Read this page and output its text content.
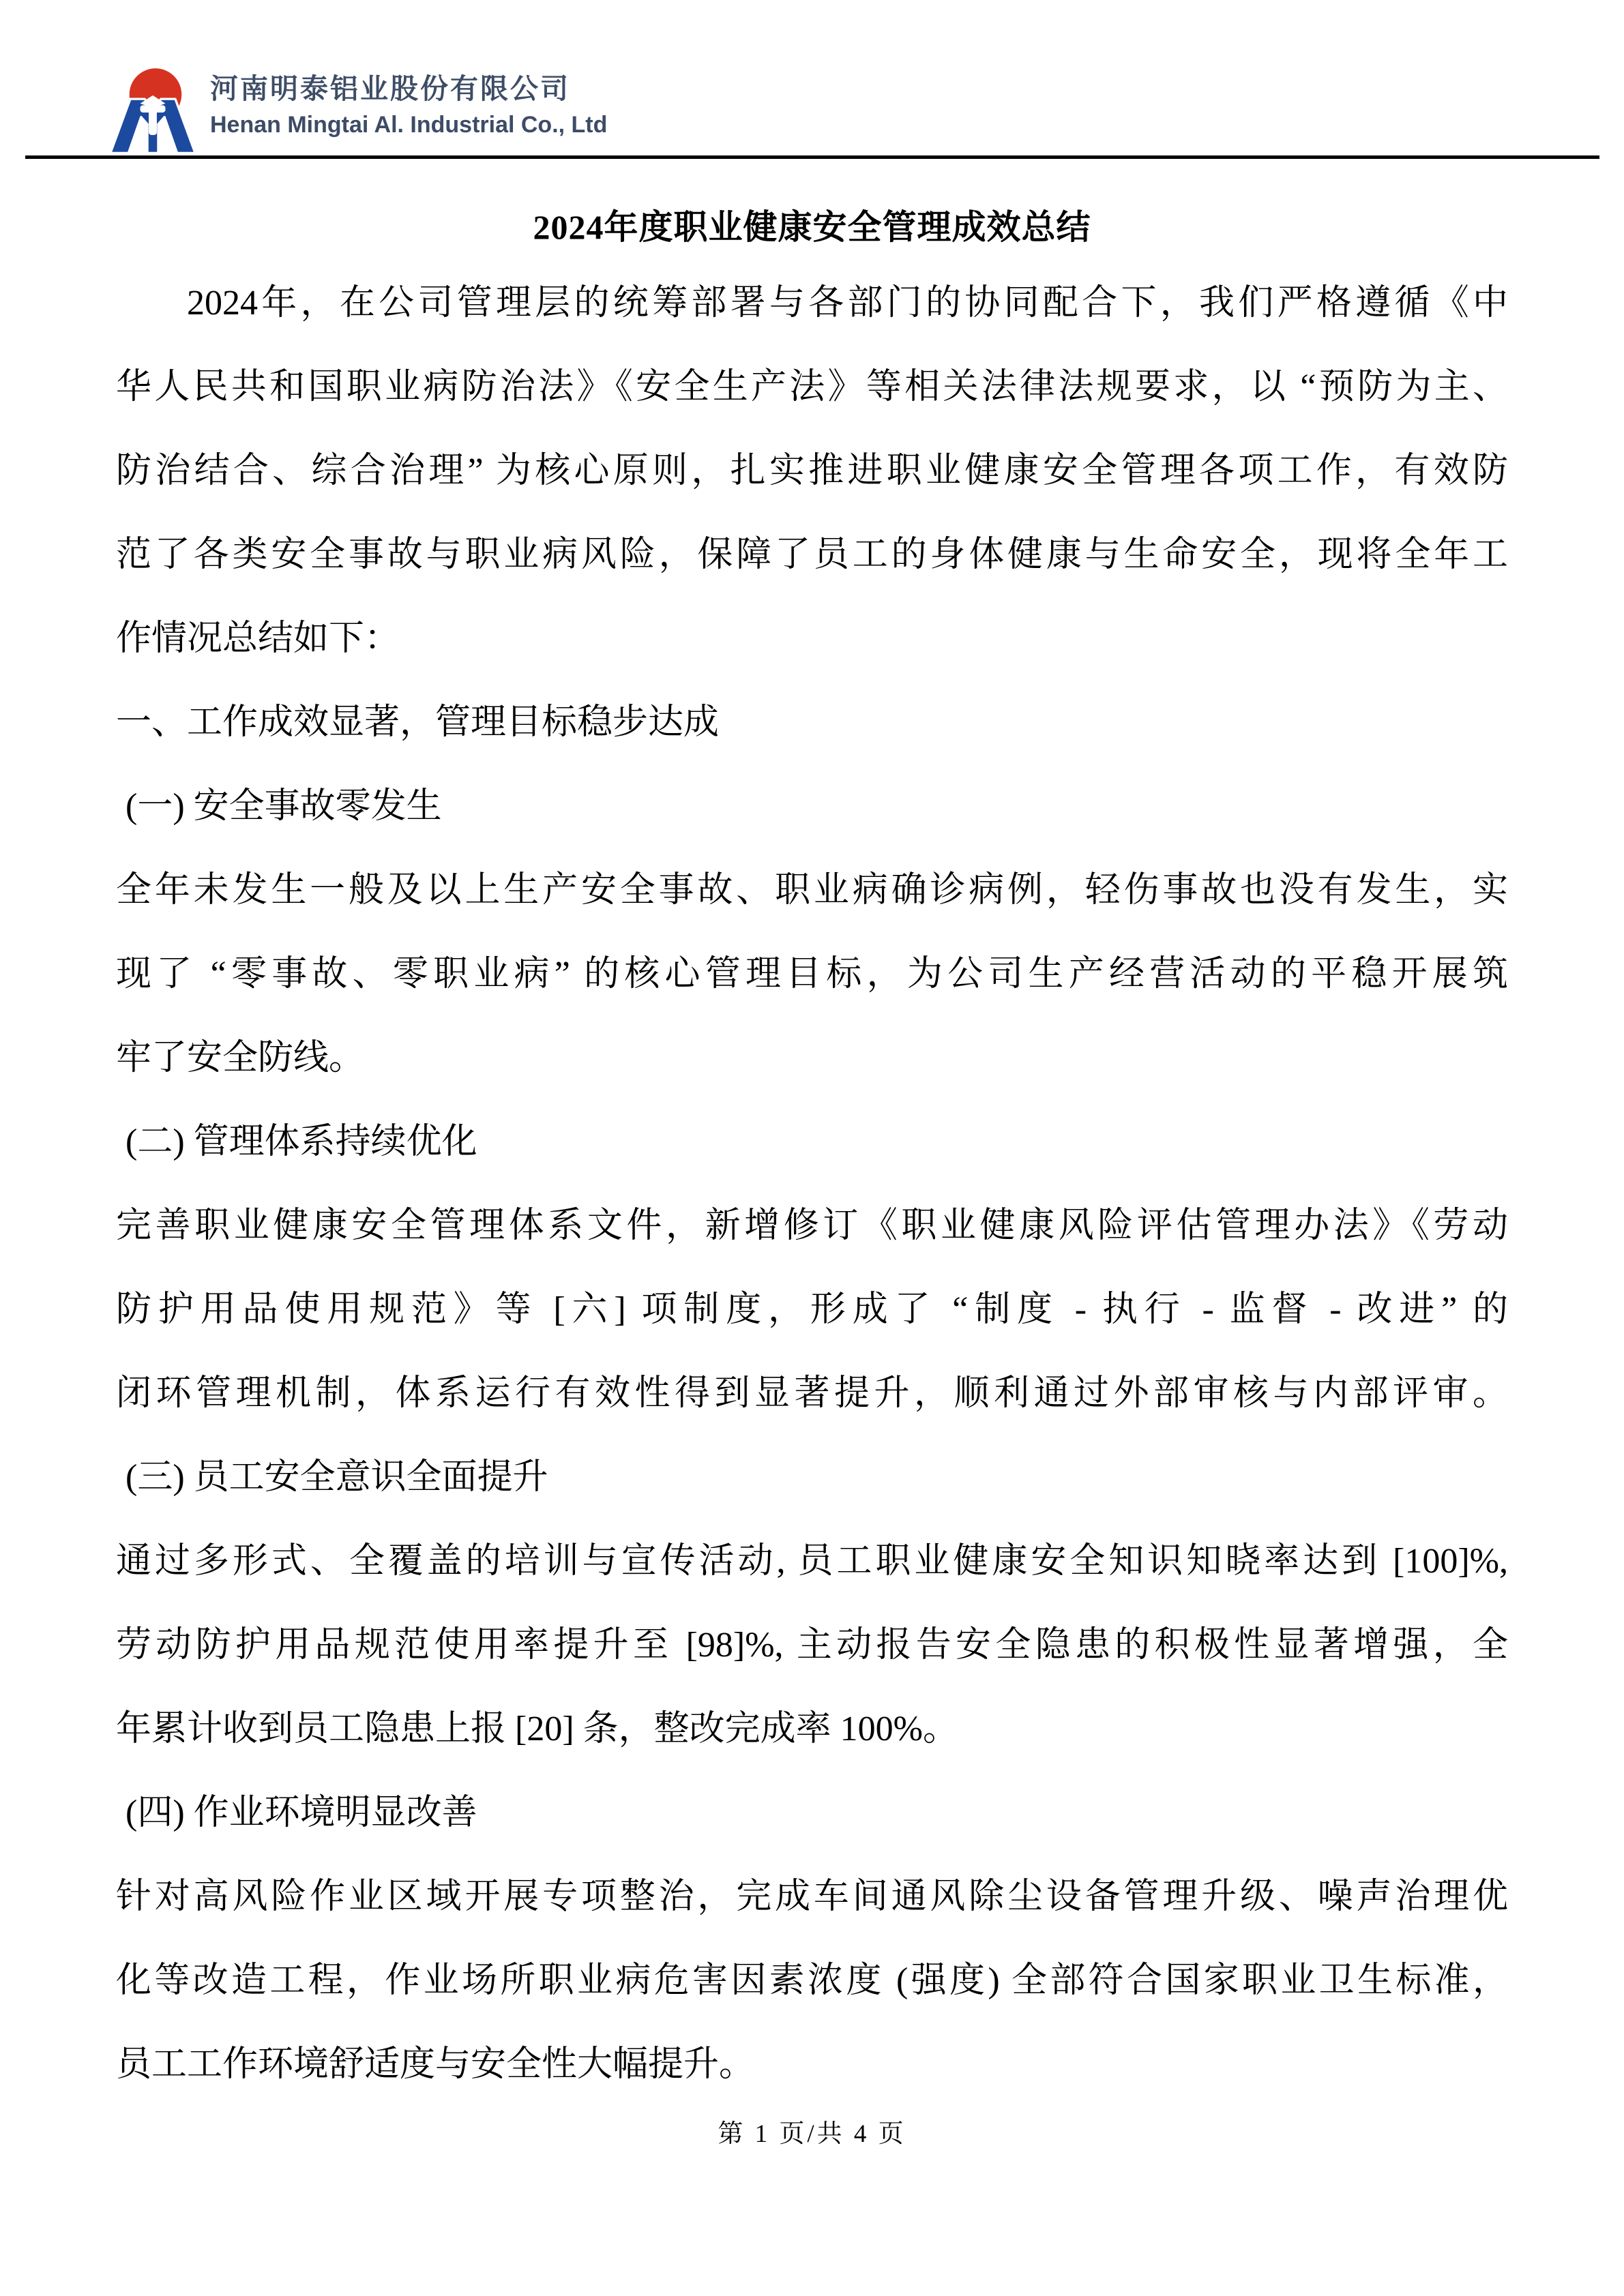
河南明泰铝业股份有限公司
Henan Mingtai Al. Industrial Co., Ltd
2024年度职业健康安全管理成效总结
2024年，在公司管理层的统筹部署与各部门的协同配合下，我们严格遵循《中
华人民共和国职业病防治法》《安全生产法》等相关法律法规要求，以 “预防为主、
防治结合、综合治理” 为核心原则，扎实推进职业健康安全管理各项工作，有效防
范了各类安全事故与职业病风险，保障了员工的身体健康与生命安全，现将全年工
作情况总结如下：
一、工作成效显著，管理目标稳步达成
(一) 安全事故零发生
全年未发生一般及以上生产安全事故、职业病确诊病例，轻伤事故也没有发生，实
现了 “零事故、零职业病” 的核心管理目标，为公司生产经营活动的平稳开展筑
牢了安全防线。
(二) 管理体系持续优化
完善职业健康安全管理体系文件，新增修订《职业健康风险评估管理办法》《劳动
防护用品使用规范》等 [六] 项制度，形成了 “制度 - 执行 - 监督 - 改进” 的
闭环管理机制，体系运行有效性得到显著提升，顺利通过外部审核与内部评审。
(三) 员工安全意识全面提升
通过多形式、全覆盖的培训与宣传活动, 员工职业健康安全知识知晓率达到 [100]%,
劳动防护用品规范使用率提升至 [98]%, 主动报告安全隐患的积极性显著增强，全
年累计收到员工隐患上报 [20] 条，整改完成率 100%。
(四) 作业环境明显改善
针对高风险作业区域开展专项整治，完成车间通风除尘设备管理升级、噪声治理优
化等改造工程，作业场所职业病危害因素浓度 (强度) 全部符合国家职业卫生标准，
员工工作环境舒适度与安全性大幅提升。
第 1 页/共 4 页
